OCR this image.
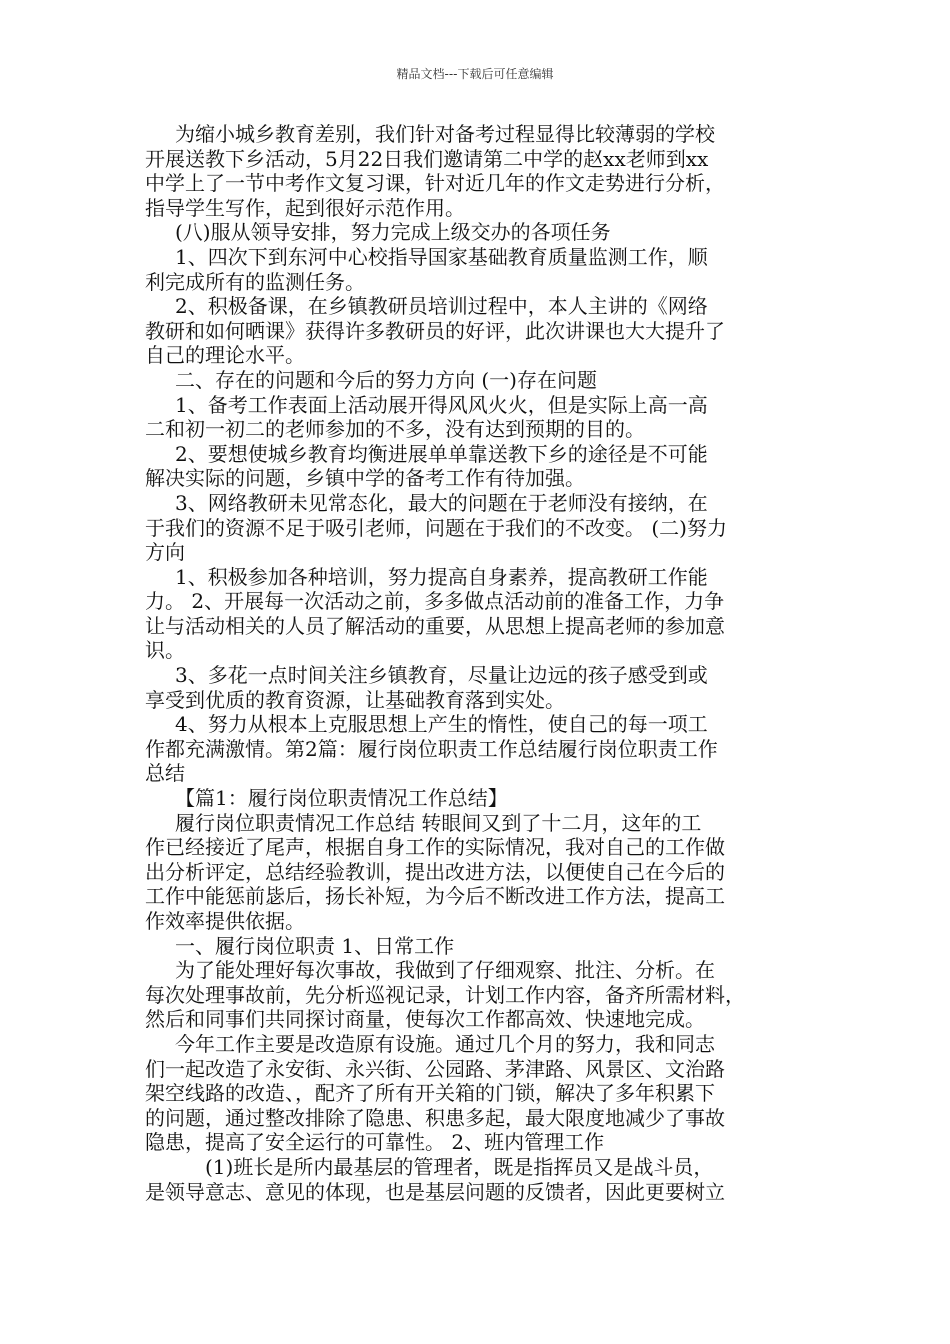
精品文档---下载后可任意编辑
为缩小城乡教育差别，我们针对备考过程显得比较薄弱的学校
开展送教下乡活动，5月22日我们邀请第二中学的赵xx老师到xx
中学上了一节中考作文复习课，针对近几年的作文走势进行分析，
指导学生写作，起到很好示范作用。
(八)服从领导安排，努力完成上级交办的各项任务
1、四次下到东河中心校指导国家基础教育质量监测工作，顺
利完成所有的监测任务。
2、积极备课，在乡镇教研员培训过程中，本人主讲的《网络
教研和如何晒课》获得许多教研员的好评，此次讲课也大大提升了
自己的理论水平。
二、存在的问题和今后的努力方向 (一)存在问题
1、备考工作表面上活动展开得风风火火，但是实际上高一高
二和初一初二的老师参加的不多，没有达到预期的目的。
2、要想使城乡教育均衡进展单单靠送教下乡的途径是不可能
解决实际的问题，乡镇中学的备考工作有待加强。
3、网络教研未见常态化，最大的问题在于老师没有接纳，在
于我们的资源不足于吸引老师，问题在于我们的不改变。 (二)努力
方向
1、积极参加各种培训，努力提高自身素养，提高教研工作能
力。 2、开展每一次活动之前，多多做点活动前的准备工作，力争
让与活动相关的人员了解活动的重要，从思想上提高老师的参加意
识。
3、多花一点时间关注乡镇教育，尽量让边远的孩子感受到或
享受到优质的教育资源，让基础教育落到实处。
4、努力从根本上克服思想上产生的惰性，使自己的每一项工
作都充满激情。第2篇：履行岗位职责工作总结履行岗位职责工作
总结
【篇1：履行岗位职责情况工作总结】
履行岗位职责情况工作总结 转眼间又到了十二月，这年的工
作已经接近了尾声，根据自身工作的实际情况，我对自己的工作做
出分析评定，总结经验教训，提出改进方法，以便使自己在今后的
工作中能惩前毖后，扬长补短，为今后不断改进工作方法，提高工
作效率提供依据。
一、履行岗位职责 1、日常工作
为了能处理好每次事故，我做到了仔细观察、批注、分析。在
每次处理事故前，先分析巡视记录，计划工作内容，备齐所需材料，
然后和同事们共同探讨商量，使每次工作都高效、快速地完成。
今年工作主要是改造原有设施。通过几个月的努力，我和同志
们一起改造了永安街、永兴街、公园路、茅津路、风景区、文治路
架空线路的改造、，配齐了所有开关箱的门锁，解决了多年积累下
的问题，通过整改排除了隐患、积患多起，最大限度地减少了事故
隐患，提高了安全运行的可靠性。 2、班内管理工作
(1)班长是所内最基层的管理者，既是指挥员又是战斗员，
是领导意志、意见的体现，也是基层问题的反馈者，因此更要树立
